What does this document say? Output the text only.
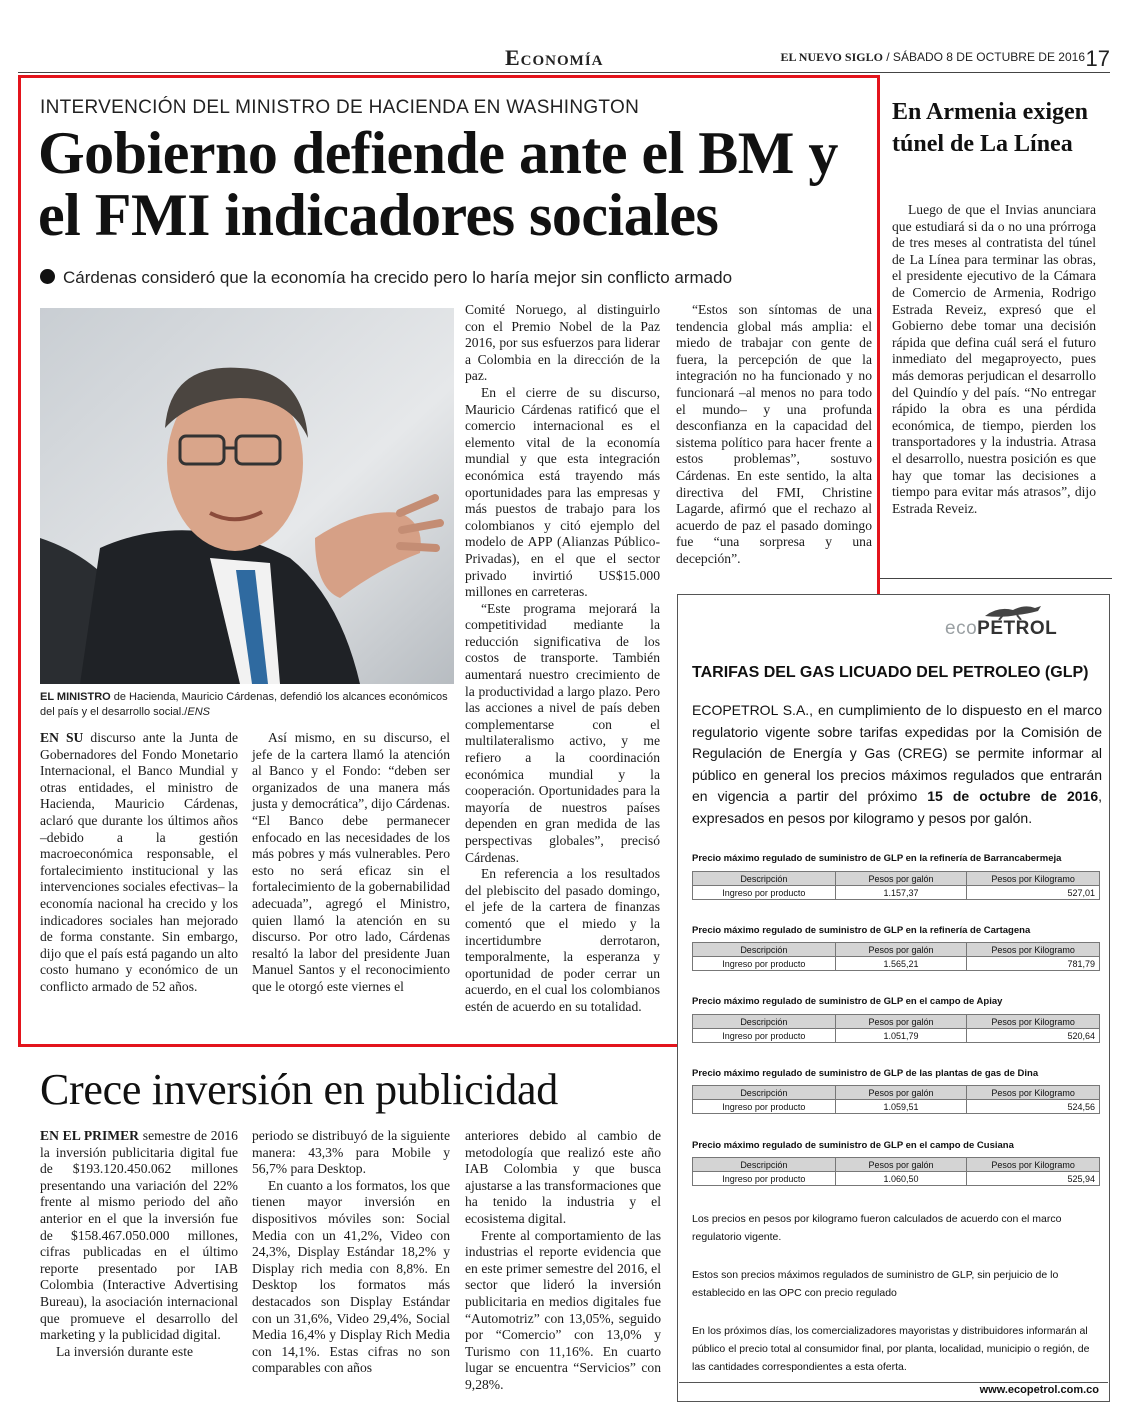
Economía	EL NUEVO SIGLO / SÁBADO 8 DE OCTUBRE DE 2016 17
INTERVENCIÓN DEL MINISTRO DE HACIENDA EN WASHINGTON
Gobierno defiende ante el BM y el FMI indicadores sociales
Cárdenas consideró que la economía ha crecido pero lo haría mejor sin conflicto armado
EL MINISTRO de Hacienda, Mauricio Cárdenas, defendió los alcances económicos del país y el desarrollo social./ENS

EN SU discurso ante la Junta de Gobernadores del Fondo Monetario Internacional, el Banco Mundial y otras entidades, el ministro de Hacienda, Mauricio Cárdenas, aclaró que durante los últimos años –debido a la gestión macroeconómica responsable, el fortalecimiento institucional y las intervenciones sociales efectivas– la economía nacional ha crecido y los indicadores sociales han mejorado de forma constante. Sin embargo, dijo que el país está pagando un alto costo humano y económico de un conflicto armado de 52 años.

Así mismo, en su discurso, el jefe de la cartera llamó la atención al Banco y el Fondo: “deben ser organizados de una manera más justa y democrática”, dijo Cárdenas. “El Banco debe permanecer enfocado en las necesidades de los más pobres y más vulnerables. Pero esto no será eficaz sin el fortalecimiento de la gobernabilidad adecuada”, agregó el Ministro, quien llamó la atención en su discurso. Por otro lado, Cárdenas resaltó la labor del presidente Juan Manuel Santos y el reconocimiento que le otorgó este viernes el

Comité Noruego, al distinguirlo con el Premio Nobel de la Paz 2016, por sus esfuerzos para liderar a Colombia en la dirección de la paz.

En el cierre de su discurso, Mauricio Cárdenas ratificó que el comercio internacional es el elemento vital de la economía mundial y que esta integración económica está trayendo más oportunidades para las empresas y más puestos de trabajo para los colombianos y citó ejemplo del modelo de APP (Alianzas Público-Privadas), en el que el sector privado invirtió US$15.000 millones en carreteras.

“Este programa mejorará la competitividad mediante la reducción significativa de los costos de transporte. También aumentará nuestro crecimiento de la productividad a largo plazo. Pero las acciones a nivel de país deben complementarse con el multilateralismo activo, y me refiero a la coordinación económica mundial y la cooperación. Oportunidades para la mayoría de nuestros países dependen en gran medida de las perspectivas globales”, precisó Cárdenas.

En referencia a los resultados del plebiscito del pasado domingo, el jefe de la cartera de finanzas comentó que el miedo y la incertidumbre derrotaron, temporalmente, la esperanza y oportunidad de poder cerrar un acuerdo, en el cual los colombianos estén de acuerdo en su totalidad.

“Estos son síntomas de una tendencia global más amplia: el miedo de trabajar con gente de fuera, la percepción de que la integración no ha funcionado y no funcionará –al menos no para todo el mundo– y una profunda desconfianza en la capacidad del sistema político para hacer frente a estos problemas”, sostuvo Cárdenas. En este sentido, la alta directiva del FMI, Christine Lagarde, afirmó que el rechazo al acuerdo de paz el pasado domingo fue “una sorpresa y una decepción”.

En Armenia exigen túnel de La Línea

Luego de que el Invias anunciara que estudiará si da o no una prórroga de tres meses al contratista del túnel de La Línea para terminar las obras, el presidente ejecutivo de la Cámara de Comercio de Armenia, Rodrigo Estrada Reveiz, expresó que el Gobierno debe tomar una decisión rápida que defina cuál será el futuro inmediato del megaproyecto, pues más demoras perjudican el desarrollo del Quindío y del país. “No entregar rápido la obra es una pérdida económica, de tiempo, pierden los transportadores y la industria. Atrasa el desarrollo, nuestra posición es que hay que tomar las decisiones a tiempo para evitar más atrasos”, dijo Estrada Reveiz.

ecoPETROL
TARIFAS DEL GAS LICUADO DEL PETROLEO (GLP)
ECOPETROL S.A., en cumplimiento de lo dispuesto en el marco regulatorio vigente sobre tarifas expedidas por la Comisión de Regulación de Energía y Gas (CREG) se permite informar al público en general los precios máximos regulados que entrarán en vigencia a partir del próximo 15 de octubre de 2016, expresados en pesos por kilogramo y pesos por galón.
Precio máximo regulado de suministro de GLP en la refinería de Barrancabermeja
Descripción	Pesos por galón	Pesos por Kilogramo
Ingreso por producto	1.157,37	527,01
Precio máximo regulado de suministro de GLP en la refinería de Cartagena
Descripción	Pesos por galón	Pesos por Kilogramo
Ingreso por producto	1.565,21	781,79
Precio máximo regulado de suministro de GLP en el campo de Apiay
Descripción	Pesos por galón	Pesos por Kilogramo
Ingreso por producto	1.051,79	520,64
Precio máximo regulado de suministro de GLP de las plantas de gas de Dina
Descripción	Pesos por galón	Pesos por Kilogramo
Ingreso por producto	1.059,51	524,56
Precio máximo regulado de suministro de GLP en el campo de Cusiana
Descripción	Pesos por galón	Pesos por Kilogramo
Ingreso por producto	1.060,50	525,94
Los precios en pesos por kilogramo fueron calculados de acuerdo con el marco regulatorio vigente.
Estos son precios máximos regulados de suministro de GLP, sin perjuicio de lo establecido en las OPC con precio regulado
En los próximos días, los comercializadores mayoristas y distribuidores informarán al público el precio total al consumidor final, por planta, localidad, municipio o región, de las cantidades correspondientes a esta oferta.
www.ecopetrol.com.co
Crece inversión en publicidad

EN EL PRIMER semestre de 2016 la inversión publicitaria digital fue de $193.120.450.062 millones presentando una variación del 22% frente al mismo periodo del año anterior en el que la inversión fue de $158.467.050.000 millones, cifras publicadas en el último reporte presentado por IAB Colombia (Interactive Advertising Bureau), la asociación internacional que promueve el desarrollo del marketing y la publicidad digital.

La inversión durante este

periodo se distribuyó de la siguiente manera: 43,3% para Mobile y 56,7% para Desktop.

En cuanto a los formatos, los que tienen mayor inversión en dispositivos móviles son: Social Media con un 41,2%, Video con 24,3%, Display Estándar 18,2% y Display rich media con 8,8%. En Desktop los formatos más destacados son Display Estándar con un 31,6%, Video 29,4%, Social Media 16,4% y Display Rich Media con 14,1%. Estas cifras no son comparables con años

anteriores debido al cambio de metodología que realizó este año IAB Colombia y que busca ajustarse a las transformaciones que ha tenido la industria y el ecosistema digital.

Frente al comportamiento de las industrias el reporte evidencia que en este primer semestre del 2016, el sector que lideró la inversión publicitaria en medios digitales fue “Automotriz” con 13,05%, seguido por “Comercio” con 13,0% y Turismo con 11,16%. En cuarto lugar se encuentra “Servicios” con 9,28%.
